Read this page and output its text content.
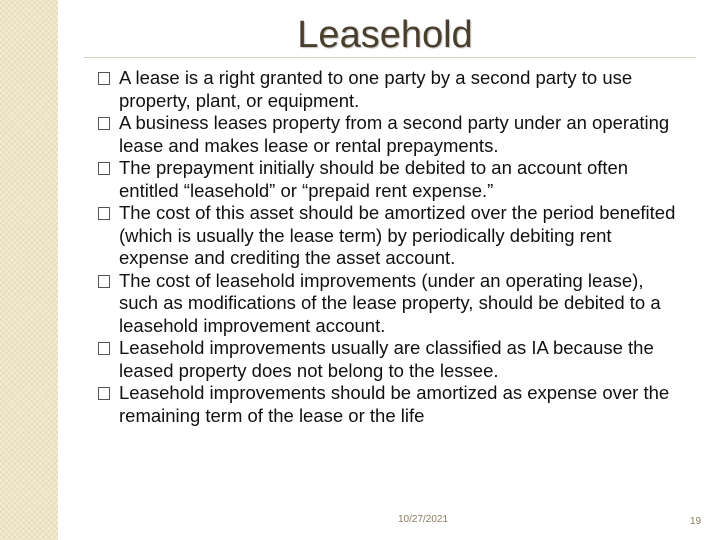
Leasehold
A lease is a right granted to one party by a second party to use property, plant, or equipment.
A business leases property from a second party under an operating lease and makes lease or rental prepayments.
The prepayment initially should be debited to an account often entitled “leasehold” or “prepaid rent expense.”
The cost of this asset should be amortized over the period benefited (which is usually the lease term) by periodically debiting rent expense and crediting the asset account.
The cost of leasehold improvements (under an operating lease), such as modifications of the lease property, should be debited to a leasehold improvement account.
Leasehold improvements usually are classified as IA because the leased property does not belong to the lessee.
Leasehold improvements should be amortized as expense over the remaining term of the lease or the life
10/27/2021	19
